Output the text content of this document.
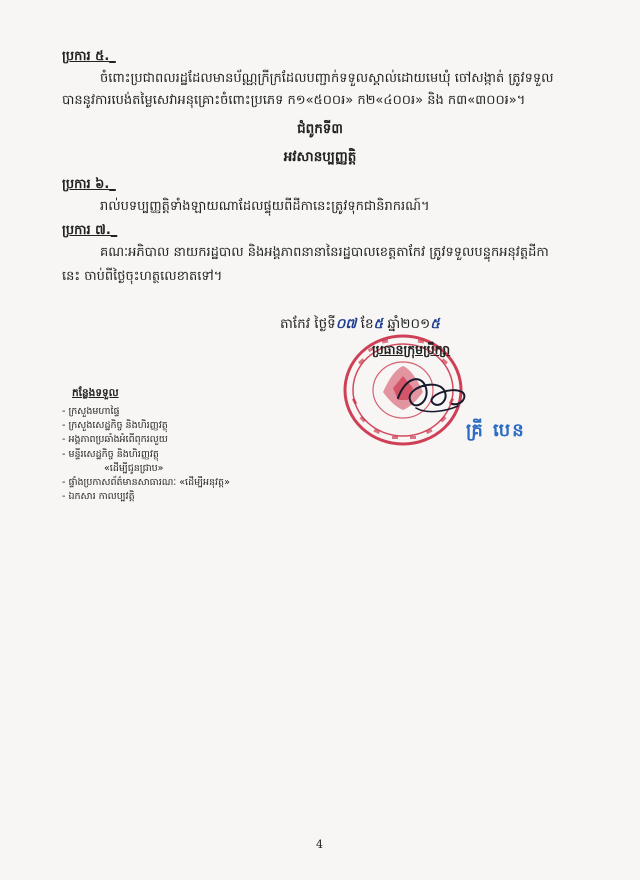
ប្រការ ៥._
ចំពោះប្រជាពលរដ្ឋដែលមានប័ណ្ណក្រីក្រដែលបញ្ជាក់ទទួលស្គាល់ដោយមេឃុំ ចៅសង្កាត់ ត្រូវទទួល
បាននូវការបេង់តម្លៃសេវាអនុគ្រោះចំពោះប្រភេទ ក១«៥០០៛» ក២«៤០០៛» និង ក៣«៣០០៛»។
ជំពូកទី៣
អវសានប្បញ្ញត្តិ
ប្រការ ៦._
រាល់បទប្បញ្ញត្តិទាំងឡាយណាដែលផ្ទុយពីដីកានេះត្រូវទុកជានិរាករណ៍។
ប្រការ ៧._
គណៈអភិបាល នាយករដ្ឋបាល និងអង្គភាពនានានៃរដ្ឋបាលខេត្តតាកែវ ត្រូវទទួលបន្ទុកអនុវត្តដីកា
នេះ ចាប់ពីថ្ងៃចុះហត្ថលេខាតទៅ។
តាកែវ ថ្ងៃទី០៧ ខែ៥ ឆ្នាំ២០១៥
ប្រធានក្រុមប្រឹក្សា
គ្រី បេន
កន្លែងទទួល
- ក្រសួងមហាផ្ទៃ
- ក្រសួងសេដ្ឋកិច្ច និងហិរញ្ញវត្ថុ
- អង្គភាពប្រឆាំងអំពើពុករលួយ
- មន្ទីរសេដ្ឋកិច្ច និងហិរញ្ញវត្ថុ
«ដើម្បីជូនជ្រាប»
- ផ្ទាំងប្រកាសព័ត៌មានសាធារណៈ «ដើម្បីអនុវត្ត»
- ឯកសារ កាលប្បវត្តិ
4
